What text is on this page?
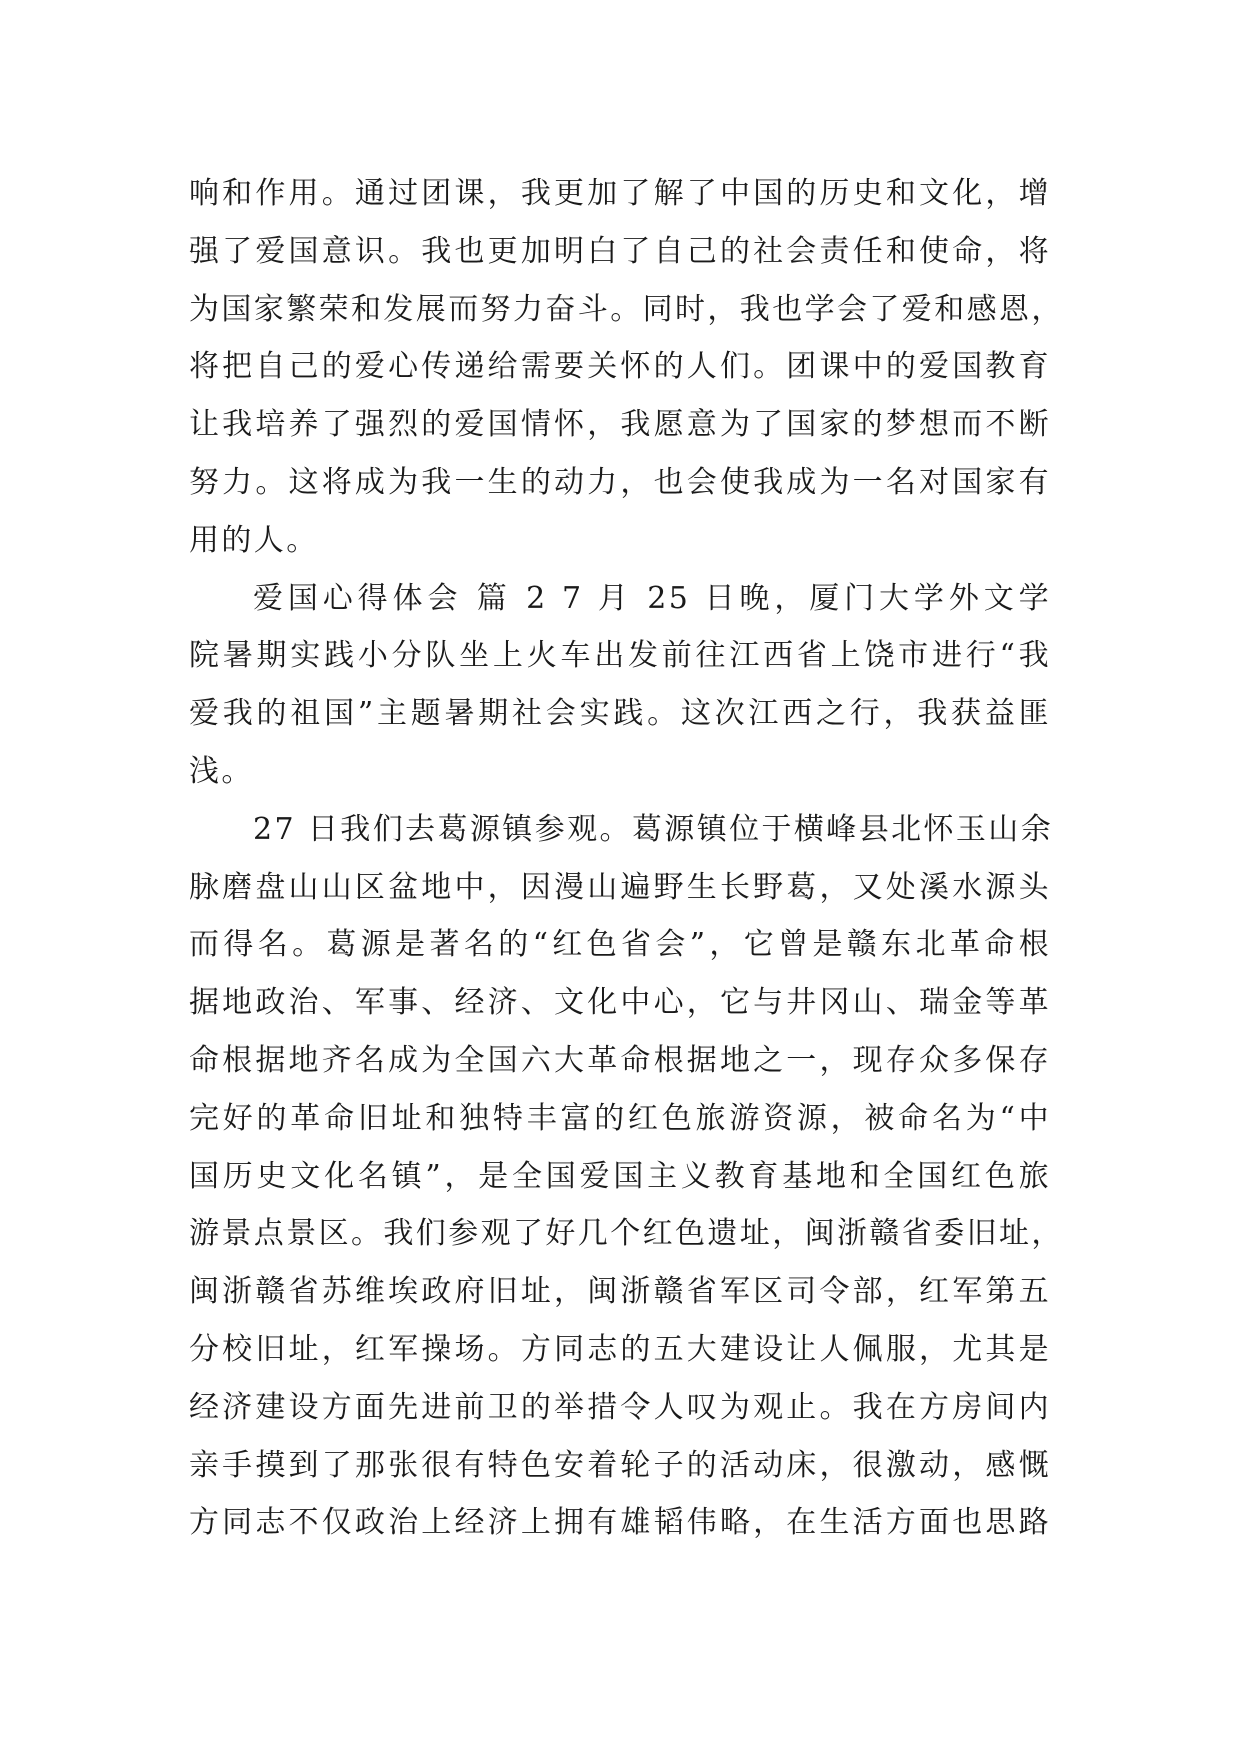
响和作用。通过团课，我更加了解了中国的历史和文化，增
强了爱国意识。我也更加明白了自己的社会责任和使命，将
为国家繁荣和发展而努力奋斗。同时，我也学会了爱和感恩，
将把自己的爱心传递给需要关怀的人们。团课中的爱国教育
让我培养了强烈的爱国情怀，我愿意为了国家的梦想而不断
努力。这将成为我一生的动力，也会使我成为一名对国家有
用的人。
爱国心得体会 篇 2 7 月 25 日晚，厦门大学外文学
院暑期实践小分队坐上火车出发前往江西省上饶市进行“我
爱我的祖国”主题暑期社会实践。这次江西之行，我获益匪
浅。
27 日我们去葛源镇参观。葛源镇位于横峰县北怀玉山余
脉磨盘山山区盆地中，因漫山遍野生长野葛，又处溪水源头
而得名。葛源是著名的“红色省会”，它曾是赣东北革命根
据地政治、军事、经济、文化中心，它与井冈山、瑞金等革
命根据地齐名成为全国六大革命根据地之一，现存众多保存
完好的革命旧址和独特丰富的红色旅游资源，被命名为“中
国历史文化名镇”，是全国爱国主义教育基地和全国红色旅
游景点景区。我们参观了好几个红色遗址，闽浙赣省委旧址，
闽浙赣省苏维埃政府旧址，闽浙赣省军区司令部，红军第五
分校旧址，红军操场。方同志的五大建设让人佩服，尤其是
经济建设方面先进前卫的举措令人叹为观止。我在方房间内
亲手摸到了那张很有特色安着轮子的活动床，很激动，感慨
方同志不仅政治上经济上拥有雄韬伟略，在生活方面也思路
